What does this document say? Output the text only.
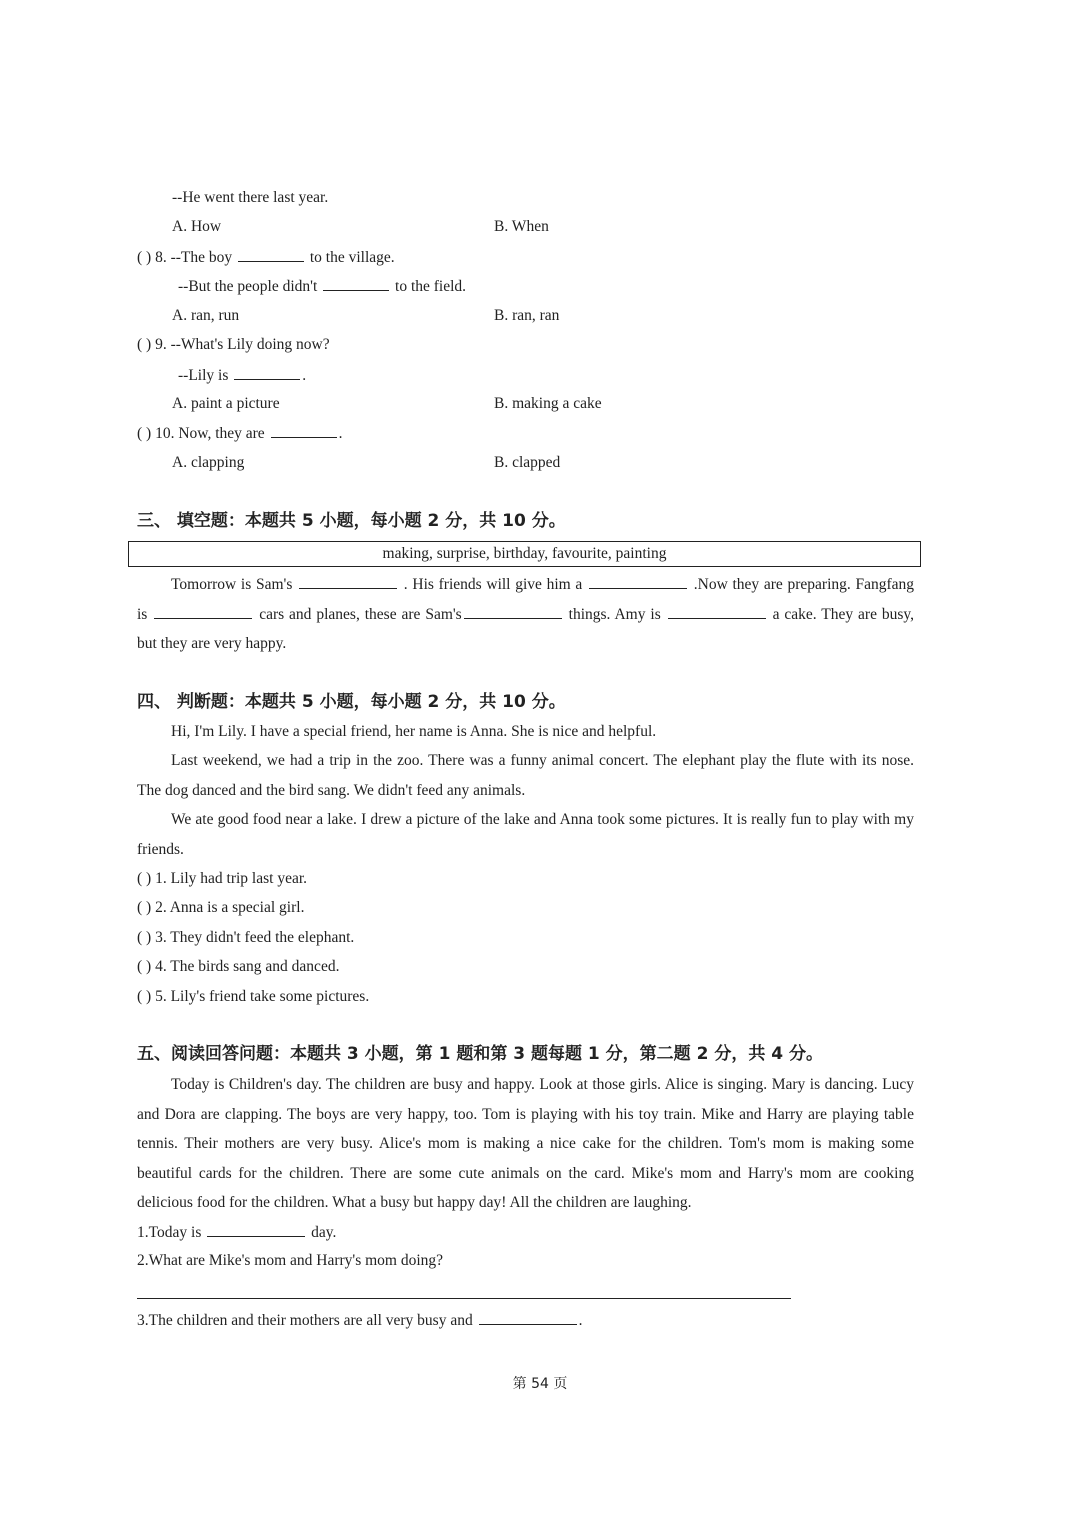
--He went there last year.
A. How	B. When
( ) 8. --The boy	to the village.
--But the people didn't	to the field.
A. ran, run	B. ran, ran
( ) 9. --What's Lily doing now?
--Lily is	.
A. paint a picture	B. making a cake
( ) 10. Now, they are	.
A. clapping	B. clapped
三、 填空题：本题共 5 小题，每小题 2 分，共 10 分。
making, surprise, birthday, favourite, painting
Tomorrow is Sam's	. His friends will give him a	.Now they are preparing. Fangfang is	cars and planes, these are Sam's	things. Amy is	a cake. They are busy, but they are very happy.
四、 判断题：本题共 5 小题，每小题 2 分，共 10 分。
Hi, I'm Lily. I have a special friend, her name is Anna. She is nice and helpful.
Last weekend, we had a trip in the zoo. There was a funny animal concert. The elephant play the flute with its nose. The dog danced and the bird sang. We didn't feed any animals.
We ate good food near a lake. I drew a picture of the lake and Anna took some pictures. It is really fun to play with my friends.
( ) 1. Lily had trip last year.
( ) 2. Anna is a special girl.
( ) 3. They didn't feed the elephant.
( ) 4. The birds sang and danced.
( ) 5. Lily's friend take some pictures.
五、阅读回答问题：本题共 3 小题，第 1 题和第 3 题每题 1 分，第二题 2 分，共 4 分。
Today is Children's day. The children are busy and happy. Look at those girls. Alice is singing. Mary is dancing. Lucy and Dora are clapping. The boys are very happy, too. Tom is playing with his toy train. Mike and Harry are playing table tennis. Their mothers are very busy. Alice's mom is making a nice cake for the children. Tom's mom is making some beautiful cards for the children. There are some cute animals on the card. Mike's mom and Harry's mom are cooking delicious food for the children. What a busy but happy day! All the children are laughing.
1.Today is	day.
2.What are Mike's mom and Harry's mom doing?
3.The children and their mothers are all very busy and	.
第 54 页
